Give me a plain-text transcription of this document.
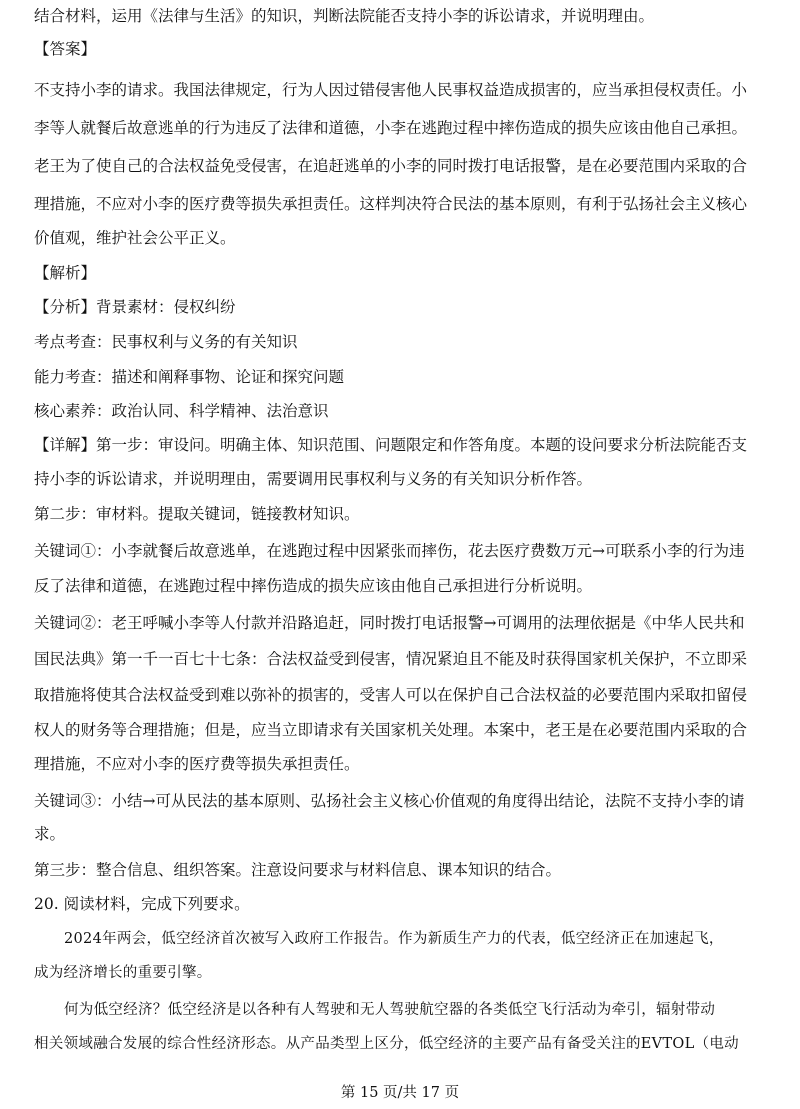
结合材料，运用《法律与生活》的知识，判断法院能否支持小李的诉讼请求，并说明理由。
【答案】
不支持小李的请求。我国法律规定，行为人因过错侵害他人民事权益造成损害的，应当承担侵权责任。小
李等人就餐后故意逃单的行为违反了法律和道德，小李在逃跑过程中摔伤造成的损失应该由他自己承担。
老王为了使自己的合法权益免受侵害，在追赶逃单的小李的同时拨打电话报警，是在必要范围内采取的合
理措施，不应对小李的医疗费等损失承担责任。这样判决符合民法的基本原则，有利于弘扬社会主义核心
价值观，维护社会公平正义。
【解析】
【分析】背景素材：侵权纠纷
考点考查：民事权利与义务的有关知识
能力考查：描述和阐释事物、论证和探究问题
核心素养：政治认同、科学精神、法治意识
【详解】第一步：审设问。明确主体、知识范围、问题限定和作答角度。本题的设问要求分析法院能否支
持小李的诉讼请求，并说明理由，需要调用民事权利与义务的有关知识分析作答。
第二步：审材料。提取关键词，链接教材知识。
关键词①：小李就餐后故意逃单，在逃跑过程中因紧张而摔伤，花去医疗费数万元→可联系小李的行为违
反了法律和道德，在逃跑过程中摔伤造成的损失应该由他自己承担进行分析说明。
关键词②：老王呼喊小李等人付款并沿路追赶，同时拨打电话报警→可调用的法理依据是《中华人民共和
国民法典》第一千一百七十七条：合法权益受到侵害，情况紧迫且不能及时获得国家机关保护，不立即采
取措施将使其合法权益受到难以弥补的损害的，受害人可以在保护自己合法权益的必要范围内采取扣留侵
权人的财务等合理措施；但是，应当立即请求有关国家机关处理。本案中，老王是在必要范围内采取的合
理措施，不应对小李的医疗费等损失承担责任。
关键词③：小结→可从民法的基本原则、弘扬社会主义核心价值观的角度得出结论，法院不支持小李的请
求。
第三步：整合信息、组织答案。注意设问要求与材料信息、课本知识的结合。
20. 阅读材料，完成下列要求。
2024年两会，低空经济首次被写入政府工作报告。作为新质生产力的代表，低空经济正在加速起飞，
成为经济增长的重要引擎。
何为低空经济？低空经济是以各种有人驾驶和无人驾驶航空器的各类低空飞行活动为牵引，辐射带动
相关领域融合发展的综合性经济形态。从产品类型上区分，低空经济的主要产品有备受关注的EVTOL（电动
第 15 页/共 17 页
